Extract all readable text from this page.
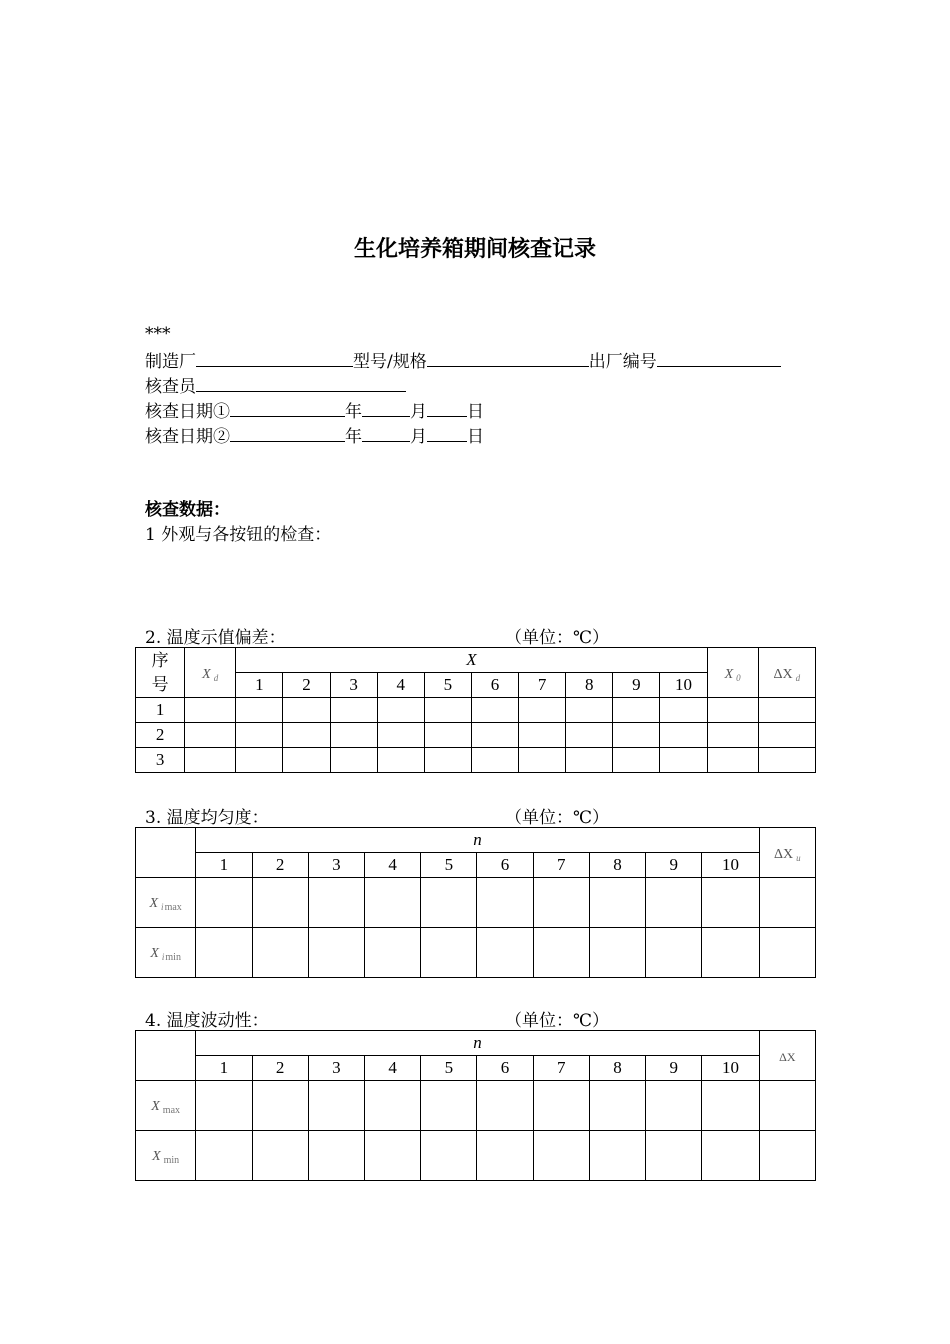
生化培养箱期间核查记录
***
制造厂	型号/规格	出厂编号
核查员
核查日期①	年	月 日
核查日期②	年	月 日
核查数据：
1 外观与各按钮的检查：
2. 温度示值偏差：	（单位：℃）
序号	X $_d$	X										X $_0$	ΔX $_d$
		1	2	3	4	5	6	7	8	9	10		
1													
2													
3													
3. 温度均匀度：	（单位：℃）
	n										ΔX $_u$
	1	2	3	4	5	6	7	8	9	10	
X $_i$max											
X $_i$min											
4. 温度波动性：	（单位：℃）
	n										ΔX
	1	2	3	4	5	6	7	8	9	10	
X max											
X min											
